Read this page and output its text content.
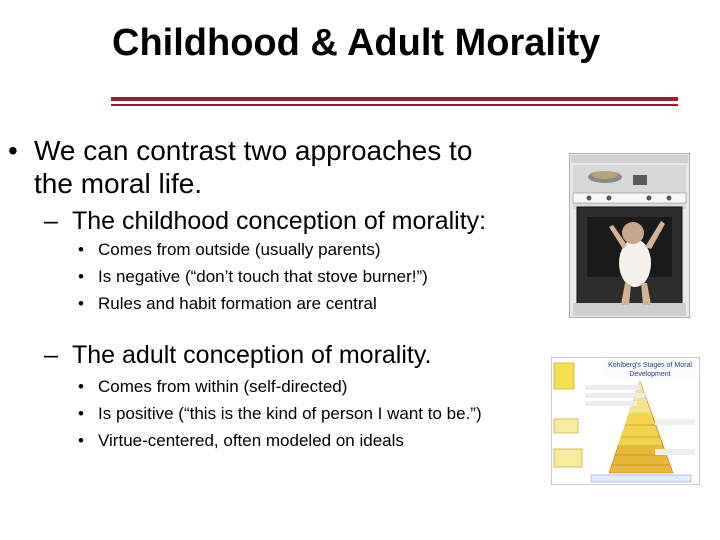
Childhood & Adult Morality
• We can contrast two approaches to
the moral life.
– The childhood conception of morality:
• Comes from outside (usually parents)
• Is negative (“don’t touch that stove burner!”)
• Rules and habit formation are central
– The adult conception of morality.
• Comes from within (self-directed)
• Is positive (“this is the kind of person I want to be.”)
• Virtue-centered, often modeled on ideals
Kohlberg's Stages of Moral
Development
